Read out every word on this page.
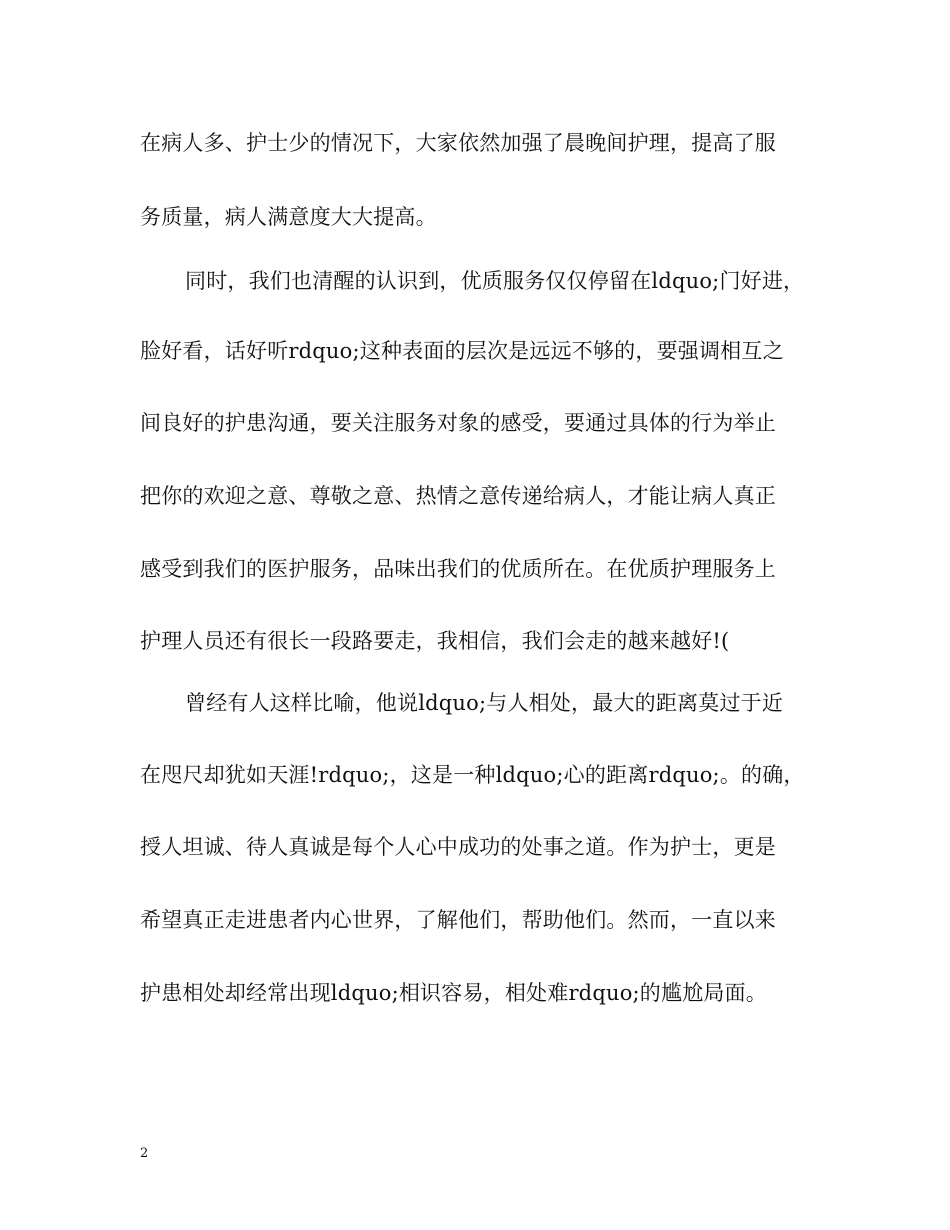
在病人多、护士少的情况下，大家依然加强了晨晚间护理，提高了服
务质量，病人满意度大大提高。
同时，我们也清醒的认识到，优质服务仅仅停留在ldquo;门好进，
脸好看，话好听rdquo;这种表面的层次是远远不够的，要强调相互之
间良好的护患沟通，要关注服务对象的感受，要通过具体的行为举止
把你的欢迎之意、尊敬之意、热情之意传递给病人，才能让病人真正
感受到我们的医护服务，品味出我们的优质所在。在优质护理服务上
护理人员还有很长一段路要走，我相信，我们会走的越来越好!(
曾经有人这样比喻，他说ldquo;与人相处，最大的距离莫过于近
在咫尺却犹如天涯!rdquo;，这是一种ldquo;心的距离rdquo;。的确，
授人坦诚、待人真诚是每个人心中成功的处事之道。作为护士，更是
希望真正走进患者内心世界，了解他们，帮助他们。然而，一直以来
护患相处却经常出现ldquo;相识容易，相处难rdquo;的尴尬局面。
2
